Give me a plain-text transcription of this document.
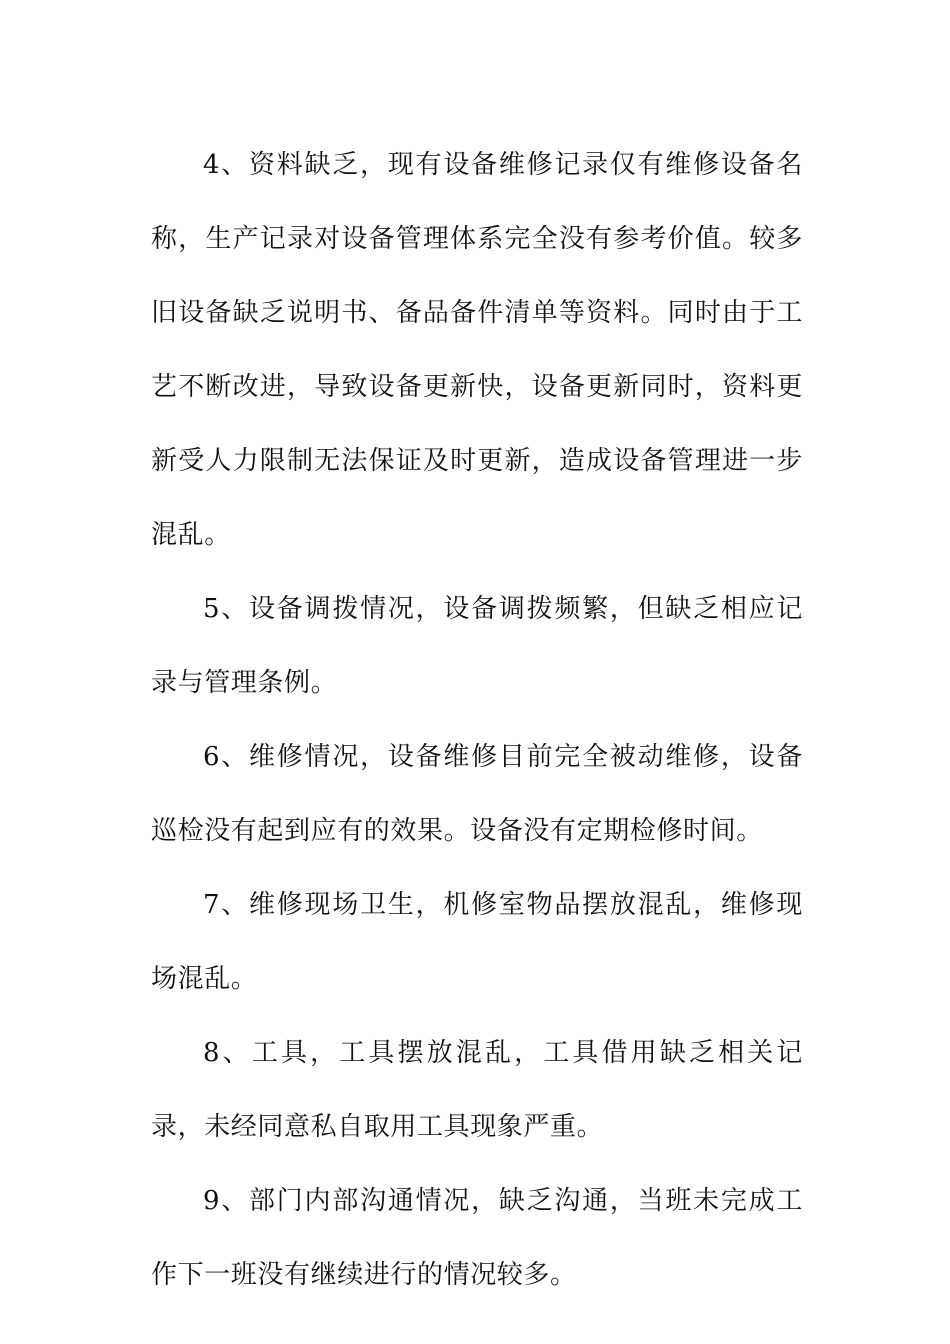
4、资料缺乏，现有设备维修记录仅有维修设备名称，生产记录对设备管理体系完全没有参考价值。较多旧设备缺乏说明书、备品备件清单等资料。同时由于工艺不断改进，导致设备更新快，设备更新同时，资料更新受人力限制无法保证及时更新，造成设备管理进一步混乱。

5、设备调拨情况，设备调拨频繁，但缺乏相应记录与管理条例。

6、维修情况，设备维修目前完全被动维修，设备巡检没有起到应有的效果。设备没有定期检修时间。

7、维修现场卫生，机修室物品摆放混乱，维修现场混乱。

8、工具，工具摆放混乱，工具借用缺乏相关记录，未经同意私自取用工具现象严重。

9、部门内部沟通情况，缺乏沟通，当班未完成工作下一班没有继续进行的情况较多。
